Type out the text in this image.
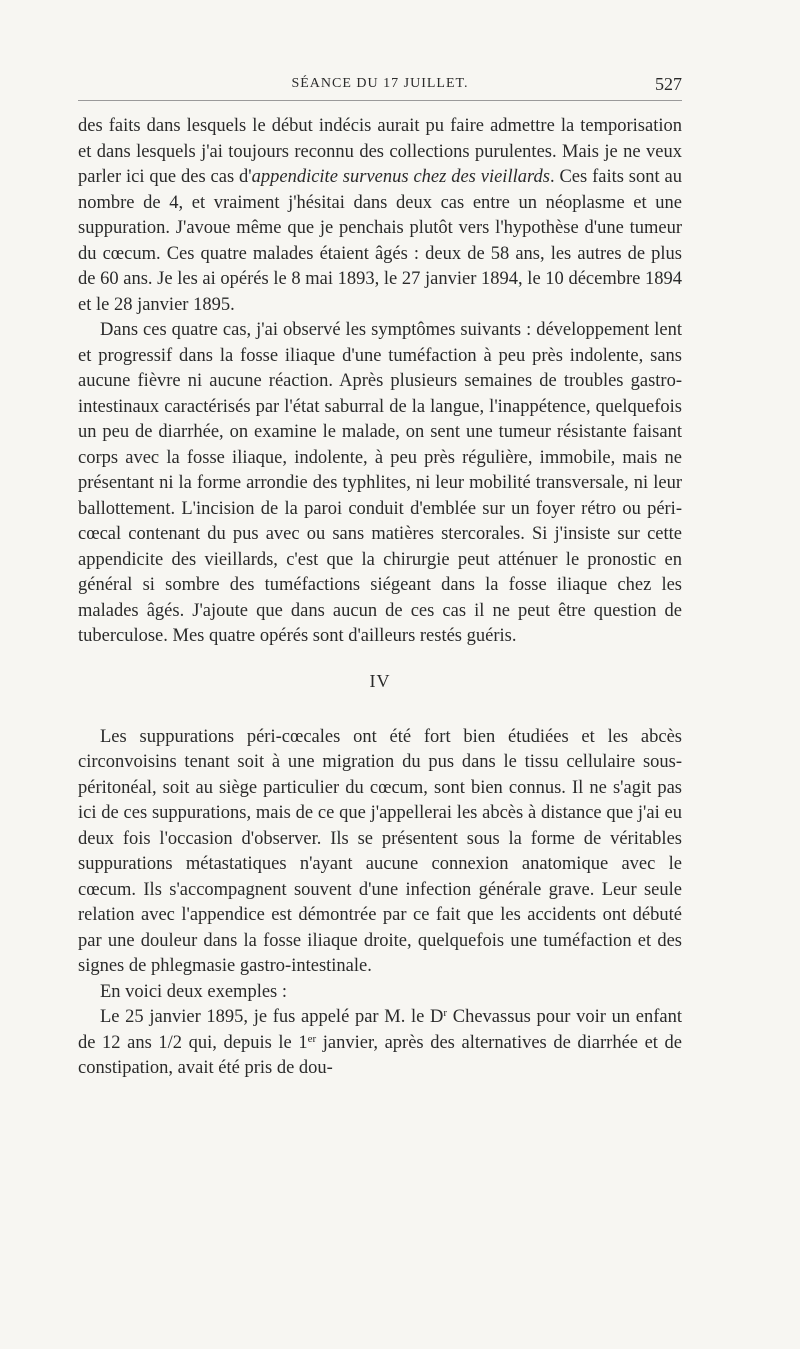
SÉANCE DU 17 JUILLET.	527

des faits dans lesquels le début indécis aurait pu faire admettre la temporisation et dans lesquels j'ai toujours reconnu des collections purulentes. Mais je ne veux parler ici que des cas d'appendicite survenus chez des vieillards. Ces faits sont au nombre de 4, et vraiment j'hésitai dans deux cas entre un néoplasme et une suppuration. J'avoue même que je penchais plutôt vers l'hypothèse d'une tumeur du cœcum. Ces quatre malades étaient âgés : deux de 58 ans, les autres de plus de 60 ans. Je les ai opérés le 8 mai 1893, le 27 janvier 1894, le 10 décembre 1894 et le 28 janvier 1895.

Dans ces quatre cas, j'ai observé les symptômes suivants : développement lent et progressif dans la fosse iliaque d'une tuméfaction à peu près indolente, sans aucune fièvre ni aucune réaction. Après plusieurs semaines de troubles gastro-intestinaux caractérisés par l'état saburral de la langue, l'inappétence, quelquefois un peu de diarrhée, on examine le malade, on sent une tumeur résistante faisant corps avec la fosse iliaque, indolente, à peu près régulière, immobile, mais ne présentant ni la forme arrondie des typhlites, ni leur mobilité transversale, ni leur ballottement. L'incision de la paroi conduit d'emblée sur un foyer rétro ou péri-cœcal contenant du pus avec ou sans matières stercorales. Si j'insiste sur cette appendicite des vieillards, c'est que la chirurgie peut atténuer le pronostic en général si sombre des tuméfactions siégeant dans la fosse iliaque chez les malades âgés. J'ajoute que dans aucun de ces cas il ne peut être question de tuberculose. Mes quatre opérés sont d'ailleurs restés guéris.

IV

Les suppurations péri-cœcales ont été fort bien étudiées et les abcès circonvoisins tenant soit à une migration du pus dans le tissu cellulaire sous-péritonéal, soit au siège particulier du cœcum, sont bien connus. Il ne s'agit pas ici de ces suppurations, mais de ce que j'appellerai les abcès à distance que j'ai eu deux fois l'occasion d'observer. Ils se présentent sous la forme de véritables suppurations métastatiques n'ayant aucune connexion anatomique avec le cœcum. Ils s'accompagnent souvent d'une infection générale grave. Leur seule relation avec l'appendice est démontrée par ce fait que les accidents ont débuté par une douleur dans la fosse iliaque droite, quelquefois une tuméfaction et des signes de phlegmasie gastro-intestinale.

En voici deux exemples :

Le 25 janvier 1895, je fus appelé par M. le $D^r$ Chevassus pour voir un enfant de 12 ans 1/2 qui, depuis le 1er janvier, après des alternatives de diarrhée et de constipation, avait été pris de dou-
